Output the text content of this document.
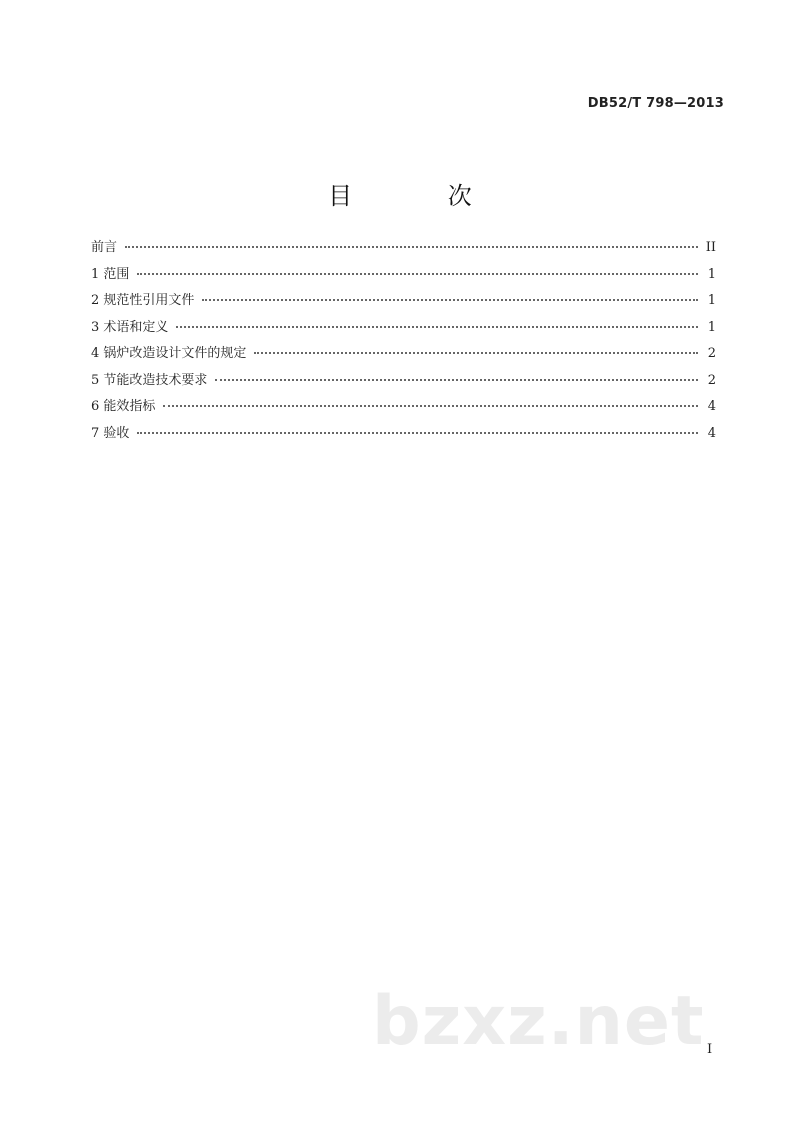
DB52/T 798—2013
目 次
前言	II
1 范围	1
2 规范性引用文件	1
3 术语和定义	1
4 锅炉改造设计文件的规定	2
5 节能改造技术要求	2
6 能效指标	4
7 验收	4
bzxz.net I
